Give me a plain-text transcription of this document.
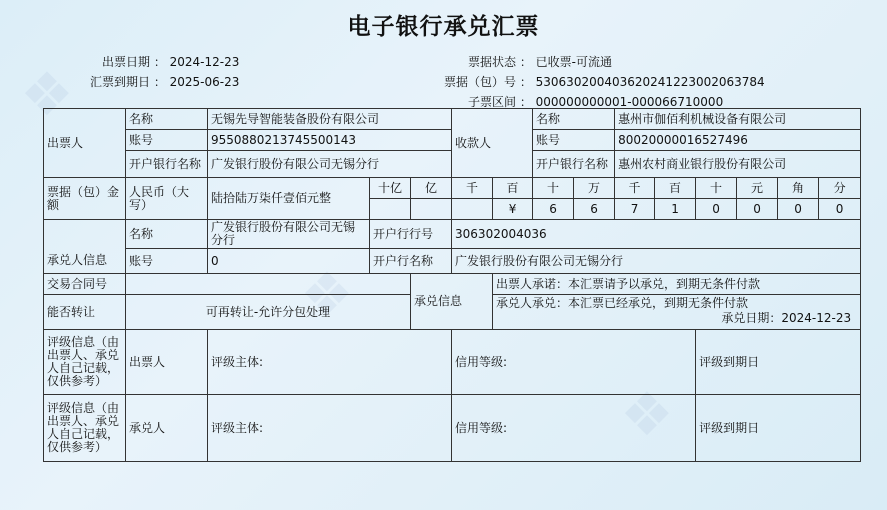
❖
❖
❖
电子银行承兑汇票
出票日期 ： 2024-12-23
汇票到期日 ： 2025-06-23
票据状态 ： 已收票-可流通
票据（包）号 ： 530630200403620241223002063784
子票区间 ： 000000000001-000066710000
出票人	名称	无锡先导智能装备股份有限公司			收款人		名称		惠州市伽佰利机械设备有限公司					
	账号	9550880213745500143					账号		80020000016527496					
	开户银行名称	广发银行股份有限公司无锡分行					开户银行名称		惠州农村商业银行股份有限公司					
票据（包）金额	人民币（大写）	陆拾陆万柒仟壹佰元整	十亿	亿	千	百	十	万	千	百	十	元	角	分
						¥	6	6	7	1	0	0	0	0
承兑人信息	名称	广发银行股份有限公司无锡分行	开户行行号		306302004036									
	账号	0	开户行名称		广发银行股份有限公司无锡分行									

交易合同号				承兑信息		出票人承诺：本汇票请予以承兑，到期无条件付款								
能否转让	可再转让-允许分包处理					承兑人承兑：本汇票已经承兑，到期无条件付款
承兑日期：2024-12-23								

评级信息（由出票人、承兑人自己记载，仅供参考）	出票人	评级主体:			信用等级:						评级到期日			
评级信息（由出票人、承兑人自己记载，仅供参考）	承兑人	评级主体:			信用等级:						评级到期日			
